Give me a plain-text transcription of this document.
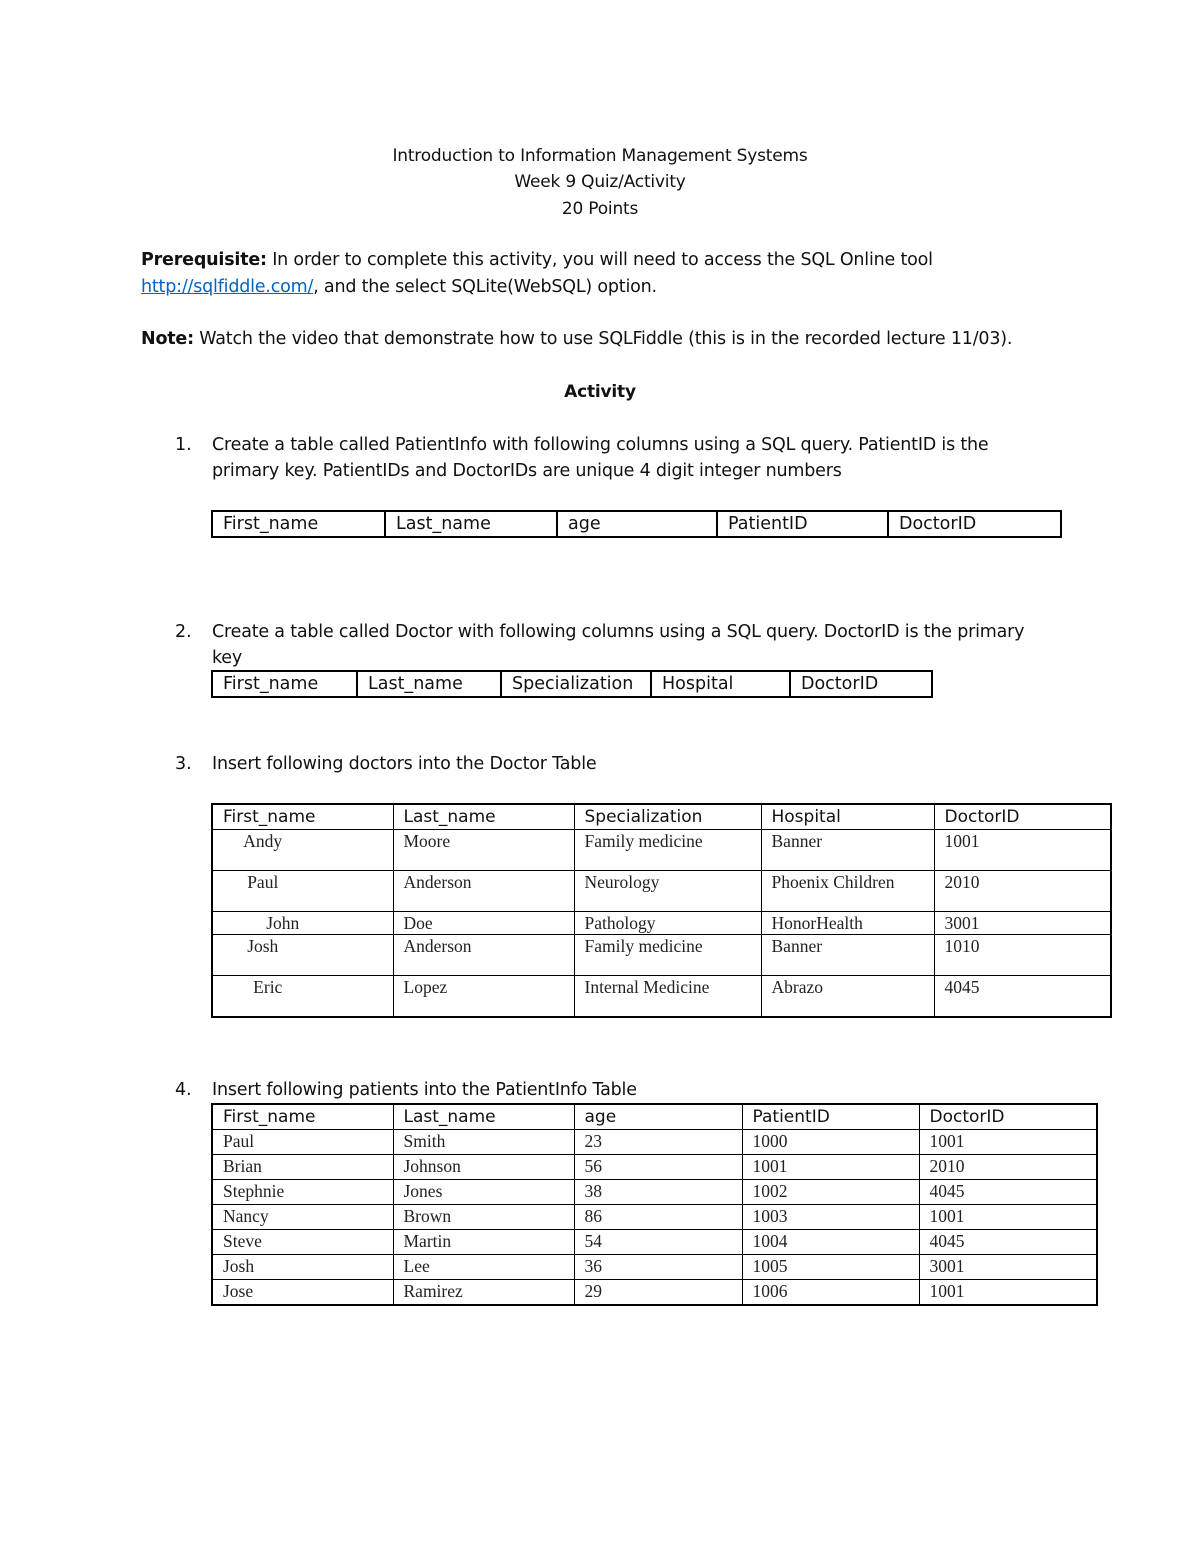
Introduction to Information Management Systems
Week 9 Quiz/Activity
20 Points
Prerequisite: In order to complete this activity, you will need to access the SQL Online tool
http://sqlfiddle.com/, and the select SQLite(WebSQL) option.
Note: Watch the video that demonstrate how to use SQLFiddle (this is in the recorded lecture 11/03).
Activity
1. Create a table called PatientInfo with following columns using a SQL query. PatientID is the
primary key. PatientIDs and DoctorIDs are unique 4 digit integer numbers
First_name	Last_name	age	PatientID	DoctorID
2. Create a table called Doctor with following columns using a SQL query. DoctorID is the primary
key
First_name	Last_name	Specialization	Hospital	DoctorID
3. Insert following doctors into the Doctor Table
First_name	Last_name	Specialization	Hospital	DoctorID
Andy	Moore	Family medicine	Banner	1001
Paul	Anderson	Neurology	Phoenix Children	2010
John	Doe	Pathology	HonorHealth	3001
Josh	Anderson	Family medicine	Banner	1010
Eric	Lopez	Internal Medicine	Abrazo	4045
4. Insert following patients into the PatientInfo Table
First_name	Last_name	age	PatientID	DoctorID
Paul	Smith	23	1000	1001
Brian	Johnson	56	1001	2010
Stephnie	Jones	38	1002	4045
Nancy	Brown	86	1003	1001
Steve	Martin	54	1004	4045
Josh	Lee	36	1005	3001
Jose	Ramirez	29	1006	1001
